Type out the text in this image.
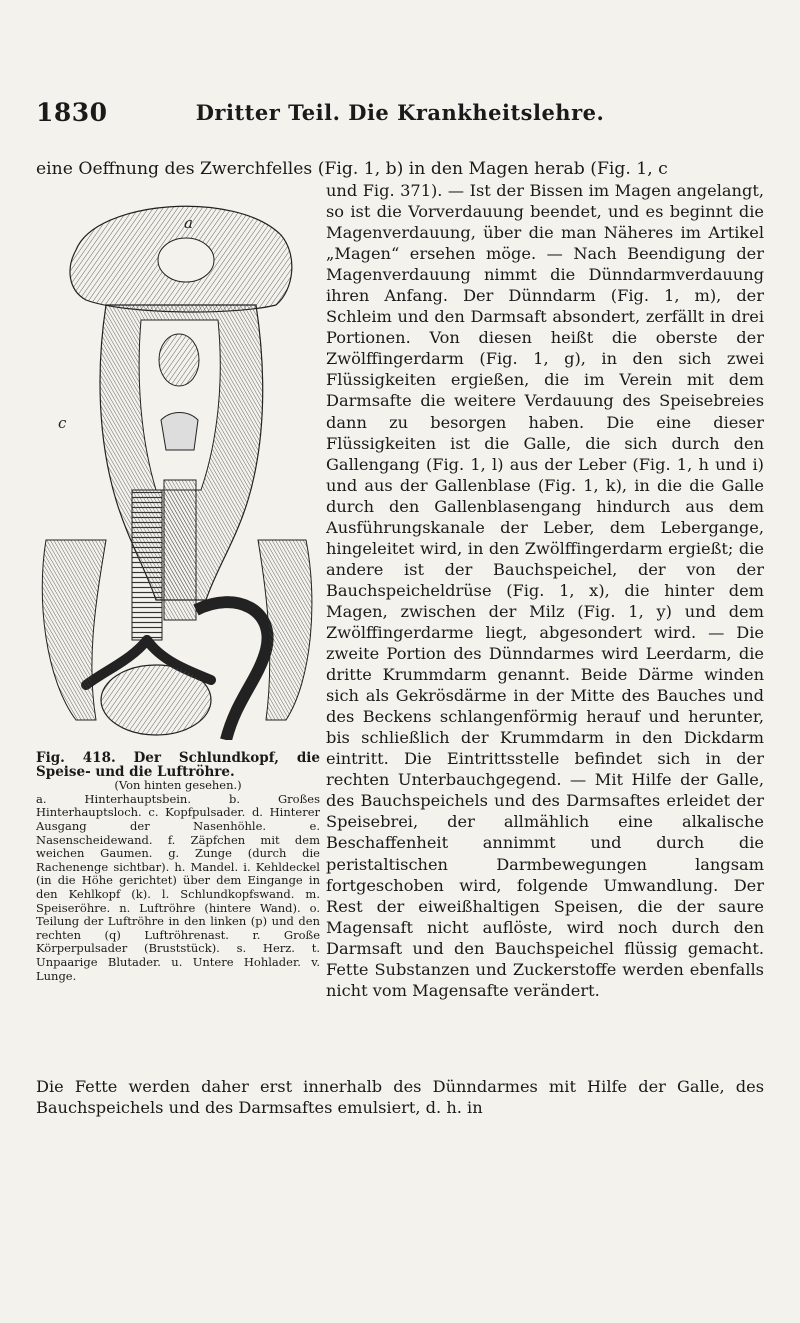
1830	Dritter Teil. Die Krankheitslehre.
eine Oeffnung des Zwerchfelles (Fig. 1, b) in den Magen herab (Fig. 1, c
a
c
Fig. 418. Der Schlundkopf, die Speise- und die Luftröhre.
(Von hinten gesehen.)
a. Hinterhauptsbein. b. Großes Hinterhauptsloch. c. Kopfpulsader. d. Hinterer Ausgang der Nasenhöhle. e. Nasenscheidewand. f. Zäpfchen mit dem weichen Gaumen. g. Zunge (durch die Rachenenge sichtbar). h. Mandel. i. Kehldeckel (in die Höhe gerichtet) über dem Eingange in den Kehlkopf (k). l. Schlundkopfswand. m. Speiseröhre. n. Luftröhre (hintere Wand). o. Teilung der Luftröhre in den linken (p) und den rechten (q) Luftröhrenast. r. Große Körperpulsader (Bruststück). s. Herz. t. Unpaarige Blutader. u. Untere Hohlader. v. Lunge.

und Fig. 371). — Ist der Bissen im Magen angelangt, so ist die Vorverdauung beendet, und es beginnt die Magenverdauung, über die man Näheres im Artikel „Magen“ ersehen möge. — Nach Beendigung der Magenverdauung nimmt die Dünndarmverdauung ihren Anfang. Der Dünndarm (Fig. 1, m), der Schleim und den Darmsaft absondert, zerfällt in drei Portionen. Von diesen heißt die oberste der Zwölffingerdarm (Fig. 1, g), in den sich zwei Flüssigkeiten ergießen, die im Verein mit dem Darmsafte die weitere Verdauung des Speisebreies dann zu besorgen haben. Die eine dieser Flüssigkeiten ist die Galle, die sich durch den Gallengang (Fig. 1, l) aus der Leber (Fig. 1, h und i) und aus der Gallenblase (Fig. 1, k), in die die Galle durch den Gallenblasengang hindurch aus dem Ausführungskanale der Leber, dem Lebergange, hingeleitet wird, in den Zwölffingerdarm ergießt; die andere ist der Bauchspeichel, der von der Bauchspeicheldrüse (Fig. 1, x), die hinter dem Magen, zwischen der Milz (Fig. 1, y) und dem Zwölffingerdarme liegt, abgesondert wird. — Die zweite Portion des Dünndarmes wird Leerdarm, die dritte Krummdarm genannt. Beide Därme winden sich als Gekrösdärme in der Mitte des Bauches und des Beckens schlangenförmig herauf und herunter, bis schließlich der Krummdarm in den Dickdarm eintritt. Die Eintrittsstelle befindet sich in der rechten Unterbauchgegend. — Mit Hilfe der Galle, des Bauchspeichels und des Darmsaftes erleidet der Speisebrei, der allmählich eine alkalische Beschaffenheit annimmt und durch die peristaltischen Darmbewegungen langsam fortgeschoben wird, folgende Umwandlung. Der Rest der eiweißhaltigen Speisen, die der saure Magensaft nicht auflöste, wird noch durch den Darmsaft und den Bauchspeichel flüssig gemacht. Fette Substanzen und Zuckerstoffe werden ebenfalls nicht vom Magensafte verändert.

Die Fette werden daher erst innerhalb des Dünndarmes mit Hilfe der Galle, des Bauchspeichels und des Darmsaftes emulsiert, d. h. in
